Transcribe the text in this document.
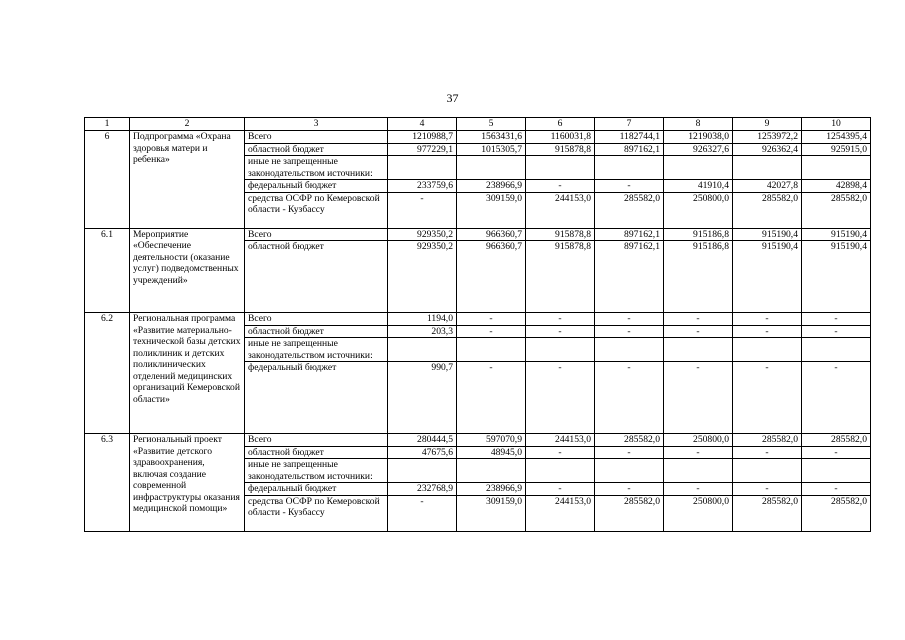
37
1	2	3	4	5	6	7	8	9	10
6	Подпрограмма «Охрана здоровья матери и ребенка»	Всего	1210988,7	1563431,6	1160031,8	1182744,1	1219038,0	1253972,2	1254395,4
		областной бюджет	977229,1	1015305,7	915878,8	897162,1	926327,6	926362,4	925915,0
		иные не запрещенные законодательством источники:							
		федеральный бюджет	233759,6	238966,9	-	-	41910,4	42027,8	42898,4
		средства ОСФР по Кемеровской области - Кузбассу	-	309159,0	244153,0	285582,0	250800,0	285582,0	285582,0
6.1	Мероприятие «Обеспечение деятельности (оказание услуг) подведомственных учреждений»	Всего	929350,2	966360,7	915878,8	897162,1	915186,8	915190,4	915190,4
		областной бюджет	929350,2	966360,7	915878,8	897162,1	915186,8	915190,4	915190,4
6.2	Региональная программа «Развитие материально-технической базы детских поликлиник и детских поликлинических отделений медицинских организаций Кемеровской области»	Всего	1194,0	-	-	-	-	-	-
		областной бюджет	203,3	-	-	-	-	-	-
		иные не запрещенные законодательством источники:							
		федеральный бюджет	990,7	-	-	-	-	-	-
6.3	Региональный проект «Развитие детского здравоохранения, включая создание современной инфраструктуры оказания медицинской помощи»	Всего	280444,5	597070,9	244153,0	285582,0	250800,0	285582,0	285582,0
		областной бюджет	47675,6	48945,0	-	-	-	-	-
		иные не запрещенные законодательством источники:							
		федеральный бюджет	232768,9	238966,9	-	-	-	-	-
		средства ОСФР по Кемеровской области - Кузбассу	-	309159,0	244153,0	285582,0	250800,0	285582,0	285582,0
